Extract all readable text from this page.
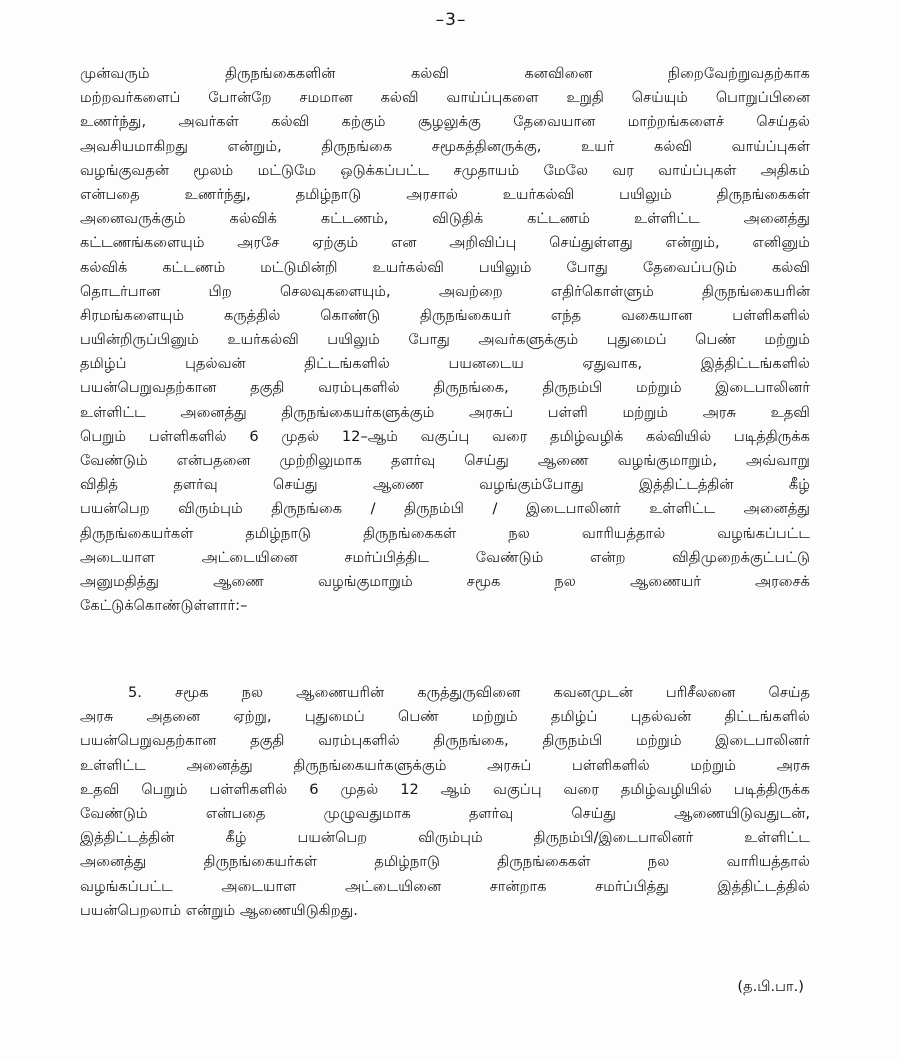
–3–
முன்வரும் திருநங்கைகளின் கல்வி கனவினை நிறைவேற்றுவதற்காக
மற்றவர்களைப் போன்றே சமமான கல்வி வாய்ப்புகளை உறுதி செய்யும் பொறுப்பினை
உணர்ந்து, அவர்கள் கல்வி கற்கும் சூழலுக்கு தேவையான மாற்றங்களைச் செய்தல்
அவசியமாகிறது என்றும், திருநங்கை சமூகத்தினருக்கு, உயர் கல்வி வாய்ப்புகள்
வழங்குவதன் மூலம் மட்டுமே ஒடுக்கப்பட்ட சமுதாயம் மேலே வர வாய்ப்புகள் அதிகம்
என்பதை உணர்ந்து, தமிழ்நாடு அரசால் உயர்கல்வி பயிலும் திருநங்கைகள்
அனைவருக்கும் கல்விக் கட்டணம், விடுதிக் கட்டணம் உள்ளிட்ட அனைத்து
கட்டணங்களையும் அரசே ஏற்கும் என அறிவிப்பு செய்துள்ளது என்றும், எனினும்
கல்விக் கட்டணம் மட்டுமின்றி உயர்கல்வி பயிலும் போது தேவைப்படும் கல்வி
தொடர்பான பிற செலவுகளையும், அவற்றை எதிர்கொள்ளும் திருநங்கையரின்
சிரமங்களையும் கருத்தில் கொண்டு திருநங்கையர் எந்த வகையான பள்ளிகளில்
பயின்றிருப்பினும் உயர்கல்வி பயிலும் போது அவர்களுக்கும் புதுமைப் பெண் மற்றும்
தமிழ்ப் புதல்வன் திட்டங்களில் பயனடைய ஏதுவாக, இத்திட்டங்களில்
பயன்பெறுவதற்கான தகுதி வரம்புகளில் திருநங்கை, திருநம்பி மற்றும் இடைபாலினர்
உள்ளிட்ட அனைத்து திருநங்கையர்களுக்கும் அரசுப் பள்ளி மற்றும் அரசு உதவி
பெறும் பள்ளிகளில் 6 முதல் 12–ஆம் வகுப்பு வரை தமிழ்வழிக் கல்வியில் படித்திருக்க
வேண்டும் என்பதனை முற்றிலுமாக தளர்வு செய்து ஆணை வழங்குமாறும், அவ்வாறு
விதித் தளர்வு செய்து ஆணை வழங்கும்போது இத்திட்டத்தின் கீழ்
பயன்பெற விரும்பும் திருநங்கை / திருநம்பி / இடைபாலினர் உள்ளிட்ட அனைத்து
திருநங்கையர்கள் தமிழ்நாடு திருநங்கைகள் நல வாரியத்தால் வழங்கப்பட்ட
அடையாள அட்டையினை சமர்ப்பித்திட வேண்டும் என்ற விதிமுறைக்குட்பட்டு
அனுமதித்து ஆணை வழங்குமாறும் சமூக நல ஆணையர் அரசைக்
கேட்டுக்கொண்டுள்ளார்:–
5. சமூக நல ஆணையரின் கருத்துருவினை கவனமுடன் பரிசீலனை செய்த
அரசு அதனை ஏற்று, புதுமைப் பெண் மற்றும் தமிழ்ப் புதல்வன் திட்டங்களில்
பயன்பெறுவதற்கான தகுதி வரம்புகளில் திருநங்கை, திருநம்பி மற்றும் இடைபாலினர்
உள்ளிட்ட அனைத்து திருநங்கையர்களுக்கும் அரசுப் பள்ளிகளில் மற்றும் அரசு
உதவி பெறும் பள்ளிகளில் 6 முதல் 12 ஆம் வகுப்பு வரை தமிழ்வழியில் படித்திருக்க
வேண்டும் என்பதை முழுவதுமாக தளர்வு செய்து ஆணையிடுவதுடன்,
இத்திட்டத்தின் கீழ் பயன்பெற விரும்பும் திருநம்பி/இடைபாலினர் உள்ளிட்ட
அனைத்து திருநங்கையர்கள் தமிழ்நாடு திருநங்கைகள் நல வாரியத்தால்
வழங்கப்பட்ட அடையாள அட்டையினை சான்றாக சமர்ப்பித்து இத்திட்டத்தில்
பயன்பெறலாம் என்றும் ஆணையிடுகிறது.
(த.பி.பா.)
